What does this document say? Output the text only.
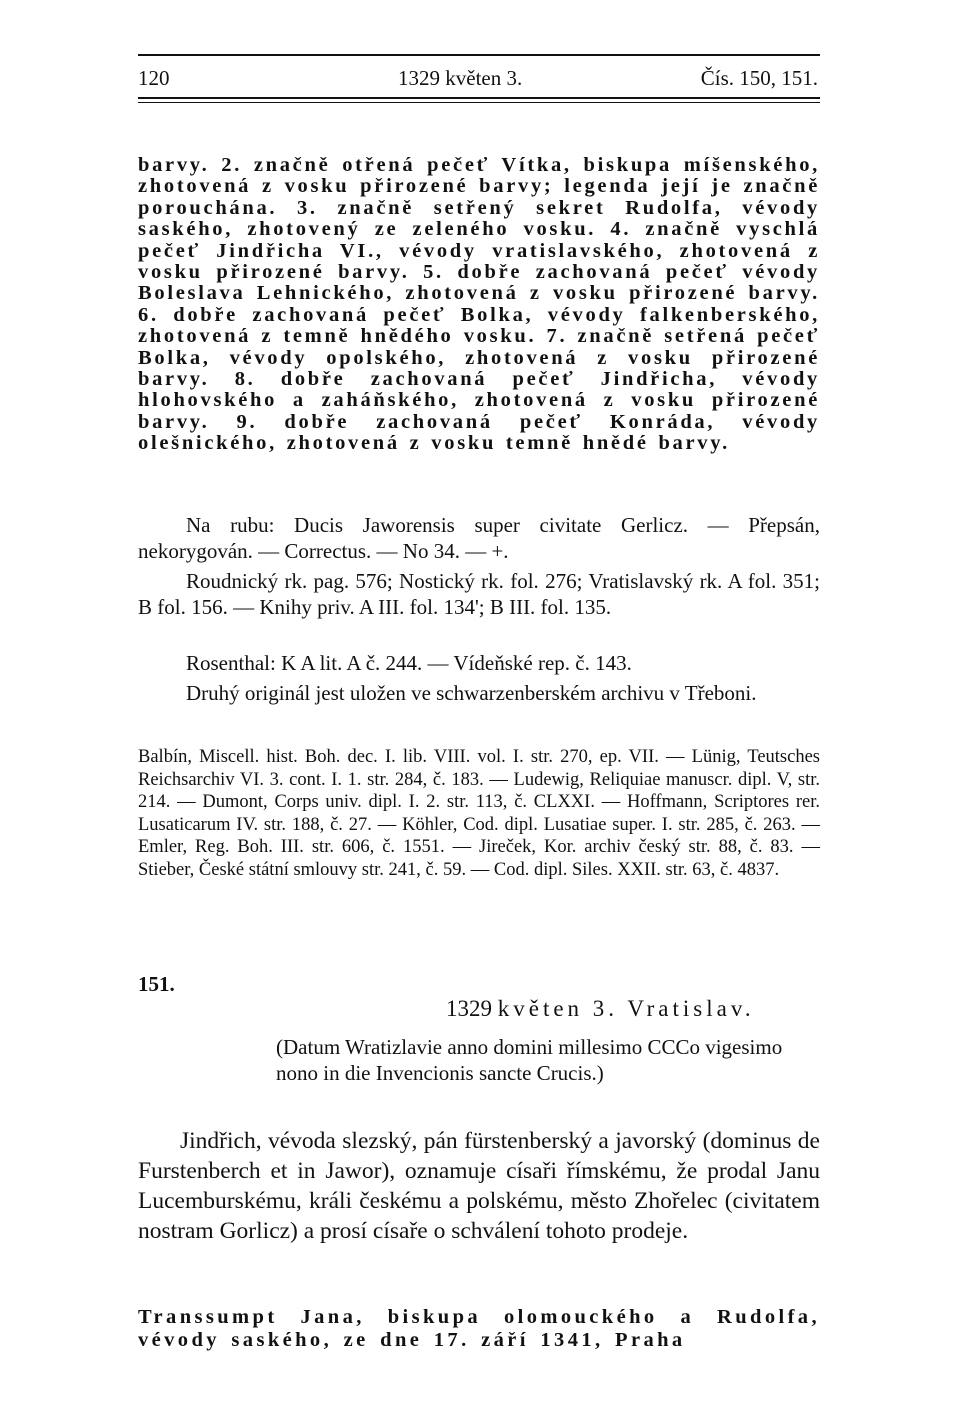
120	1329 květen 3.	Čís. 150, 151.
barvy. 2. značně otřená pečeť Vítka, biskupa míšenského, zhotovená z vosku přirozené barvy; legenda její je značně porouchána. 3. značně setřený sekret Rudolfa, vévody saského, zhotovený ze zeleného vosku. 4. značně vyschlá pečeť Jindřicha VI., vévody vratislavského, zhotovená z vosku přirozené barvy. 5. dobře zachovaná pečeť vévody Boleslava Lehnického, zhotovená z vosku přirozené barvy. 6. dobře zachovaná pečeť Bolka, vévody falkenberského, zhotovená z temně hnědého vosku. 7. značně setřená pečeť Bolka, vévody opolského, zhotovená z vosku přirozené barvy. 8. dobře zachovaná pečeť Jindřicha, vévody hlohovského a zaháňského, zhotovená z vosku přirozené barvy. 9. dobře zachovaná pečeť Konráda, vévody olešnického, zhotovená z vosku temně hnědé barvy.
Na rubu: Ducis Jaworensis super civitate Gerlicz. — Přepsán, nekorygován. — Correctus. — No 34. — +.
Roudnický rk. pag. 576; Nostický rk. fol. 276; Vratislavský rk. A fol. 351; B fol. 156. — Knihy priv. A III. fol. 134'; B III. fol. 135.
Rosenthal: K A lit. A č. 244. — Vídeňské rep. č. 143.
Druhý originál jest uložen ve schwarzenberském archivu v Třeboni.
Balbín, Miscell. hist. Boh. dec. I. lib. VIII. vol. I. str. 270, ep. VII. — Lünig, Teutsches Reichsarchiv VI. 3. cont. I. 1. str. 284, č. 183. — Ludewig, Reliquiae manuscr. dipl. V, str. 214. — Dumont, Corps univ. dipl. I. 2. str. 113, č. CLXXI. — Hoffmann, Scriptores rer. Lusaticarum IV. str. 188, č. 27. — Köhler, Cod. dipl. Lusatiae super. I. str. 285, č. 263. — Emler, Reg. Boh. III. str. 606, č. 1551. — Jireček, Kor. archiv český str. 88, č. 83. — Stieber, České státní smlouvy str. 241, č. 59. — Cod. dipl. Siles. XXII. str. 63, č. 4837.
151.
1329 květen 3. Vratislav.
(Datum Wratizlavie anno domini millesimo CCCo vigesimo nono in die Invencionis sancte Crucis.)
Jindřich, vévoda slezský, pán fürstenberský a javorský (dominus de Furstenberch et in Jawor), oznamuje císaři římskému, že prodal Janu Lucemburskému, králi českému a polskému, město Zhořelec (civitatem nostram Gorlicz) a prosí císaře o schválení tohoto prodeje.
Transsumpt Jana, biskupa olomouckého a Rudolfa, vévody saského, ze dne 17. září 1341, Praha
